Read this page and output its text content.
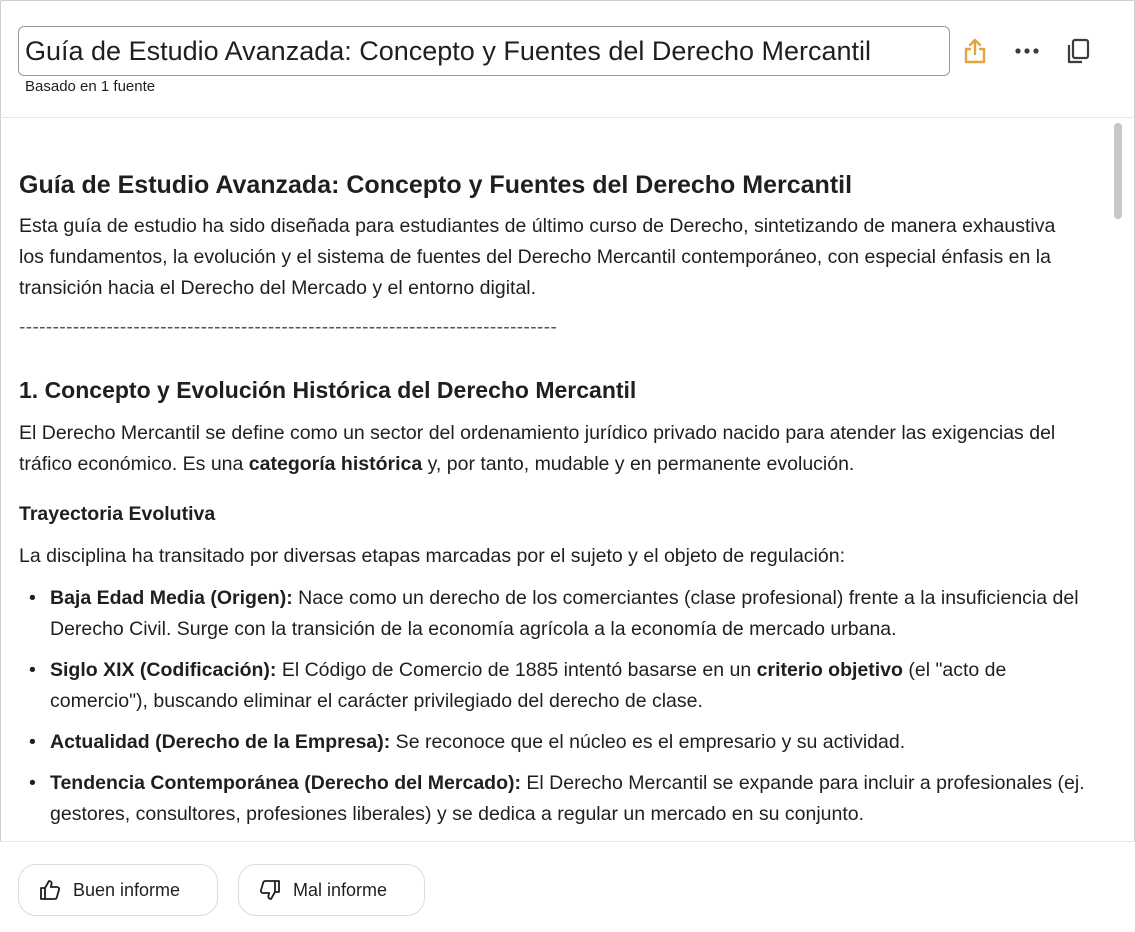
Guía de Estudio Avanzada: Concepto y Fuentes del Derecho Mercantil
Basado en 1 fuente
Guía de Estudio Avanzada: Concepto y Fuentes del Derecho Mercantil
Esta guía de estudio ha sido diseñada para estudiantes de último curso de Derecho, sintetizando de manera exhaustiva los fundamentos, la evolución y el sistema de fuentes del Derecho Mercantil contemporáneo, con especial énfasis en la transición hacia el Derecho del Mercado y el entorno digital.
--------------------------------------------------------------------------------
1. Concepto y Evolución Histórica del Derecho Mercantil
El Derecho Mercantil se define como un sector del ordenamiento jurídico privado nacido para atender las exigencias del tráfico económico. Es una categoría histórica y, por tanto, mudable y en permanente evolución.
Trayectoria Evolutiva
La disciplina ha transitado por diversas etapas marcadas por el sujeto y el objeto de regulación:
• Baja Edad Media (Origen): Nace como un derecho de los comerciantes (clase profesional) frente a la insuficiencia del Derecho Civil. Surge con la transición de la economía agrícola a la economía de mercado urbana.
• Siglo XIX (Codificación): El Código de Comercio de 1885 intentó basarse en un criterio objetivo (el "acto de comercio"), buscando eliminar el carácter privilegiado del derecho de clase.
• Actualidad (Derecho de la Empresa): Se reconoce que el núcleo es el empresario y su actividad.
• Tendencia Contemporánea (Derecho del Mercado): El Derecho Mercantil se expande para incluir a profesionales (ej. gestores, consultores, profesiones liberales) y se dedica a regular un mercado en su conjunto.
Buen informe	Mal informe
